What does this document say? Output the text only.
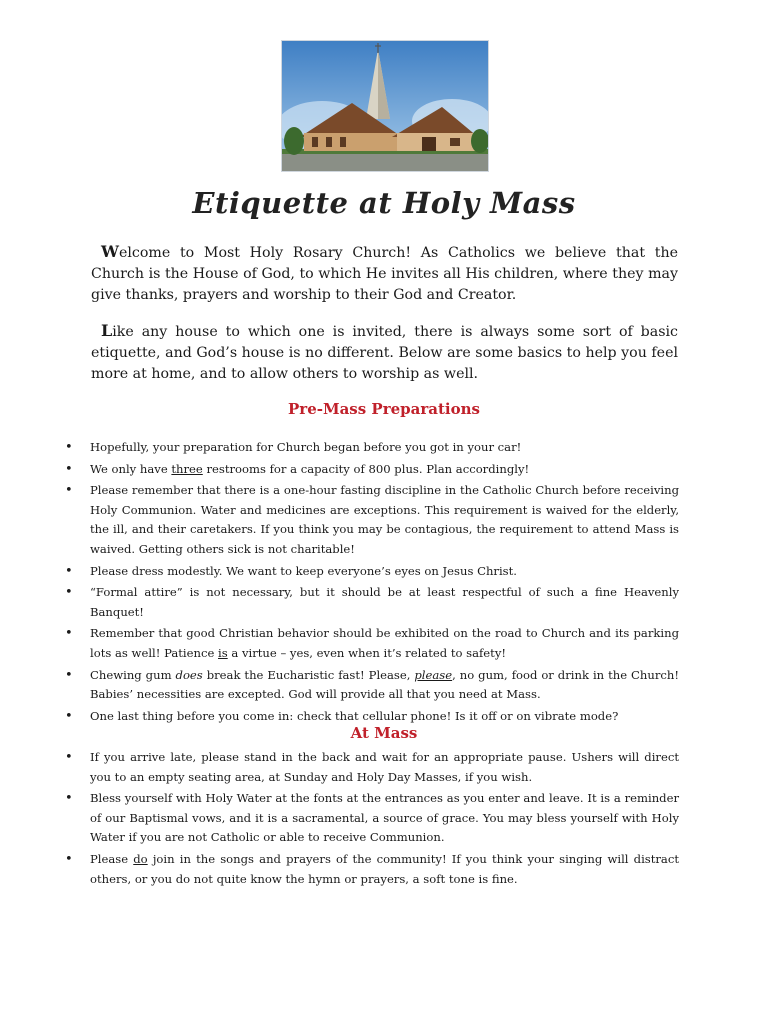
Etiquette at Holy Mass

Welcome to Most Holy Rosary Church! As Catholics we believe that the Church is the House of God, to which He invites all His children, where they may give thanks, prayers and worship to their God and Creator.

Like any house to which one is invited, there is always some sort of basic etiquette, and God’s house is no different. Below are some basics to help you feel more at home, and to allow others to worship as well.

Pre-Mass Preparations
• Hopefully, your preparation for Church began before you got in your car!
• We only have three restrooms for a capacity of 800 plus. Plan accordingly!
• Please remember that there is a one-hour fasting discipline in the Catholic Church before receiving Holy Communion. Water and medicines are exceptions. This requirement is waived for the elderly, the ill, and their caretakers. If you think you may be contagious, the requirement to attend Mass is waived. Getting others sick is not charitable!
• Please dress modestly. We want to keep everyone’s eyes on Jesus Christ.
• “Formal attire” is not necessary, but it should be at least respectful of such a fine Heavenly Banquet!
• Remember that good Christian behavior should be exhibited on the road to Church and its parking lots as well! Patience is a virtue – yes, even when it’s related to safety!
• Chewing gum does break the Eucharistic fast! Please, please, no gum, food or drink in the Church! Babies’ necessities are excepted. God will provide all that you need at Mass.
• One last thing before you come in: check that cellular phone! Is it off or on vibrate mode?
At Mass
• If you arrive late, please stand in the back and wait for an appropriate pause. Ushers will direct you to an empty seating area, at Sunday and Holy Day Masses, if you wish.
• Bless yourself with Holy Water at the fonts at the entrances as you enter and leave. It is a reminder of our Baptismal vows, and it is a sacramental, a source of grace. You may bless yourself with Holy Water if you are not Catholic or able to receive Communion.
• Please do join in the songs and prayers of the community! If you think your singing will distract others, or you do not quite know the hymn or prayers, a soft tone is fine.
